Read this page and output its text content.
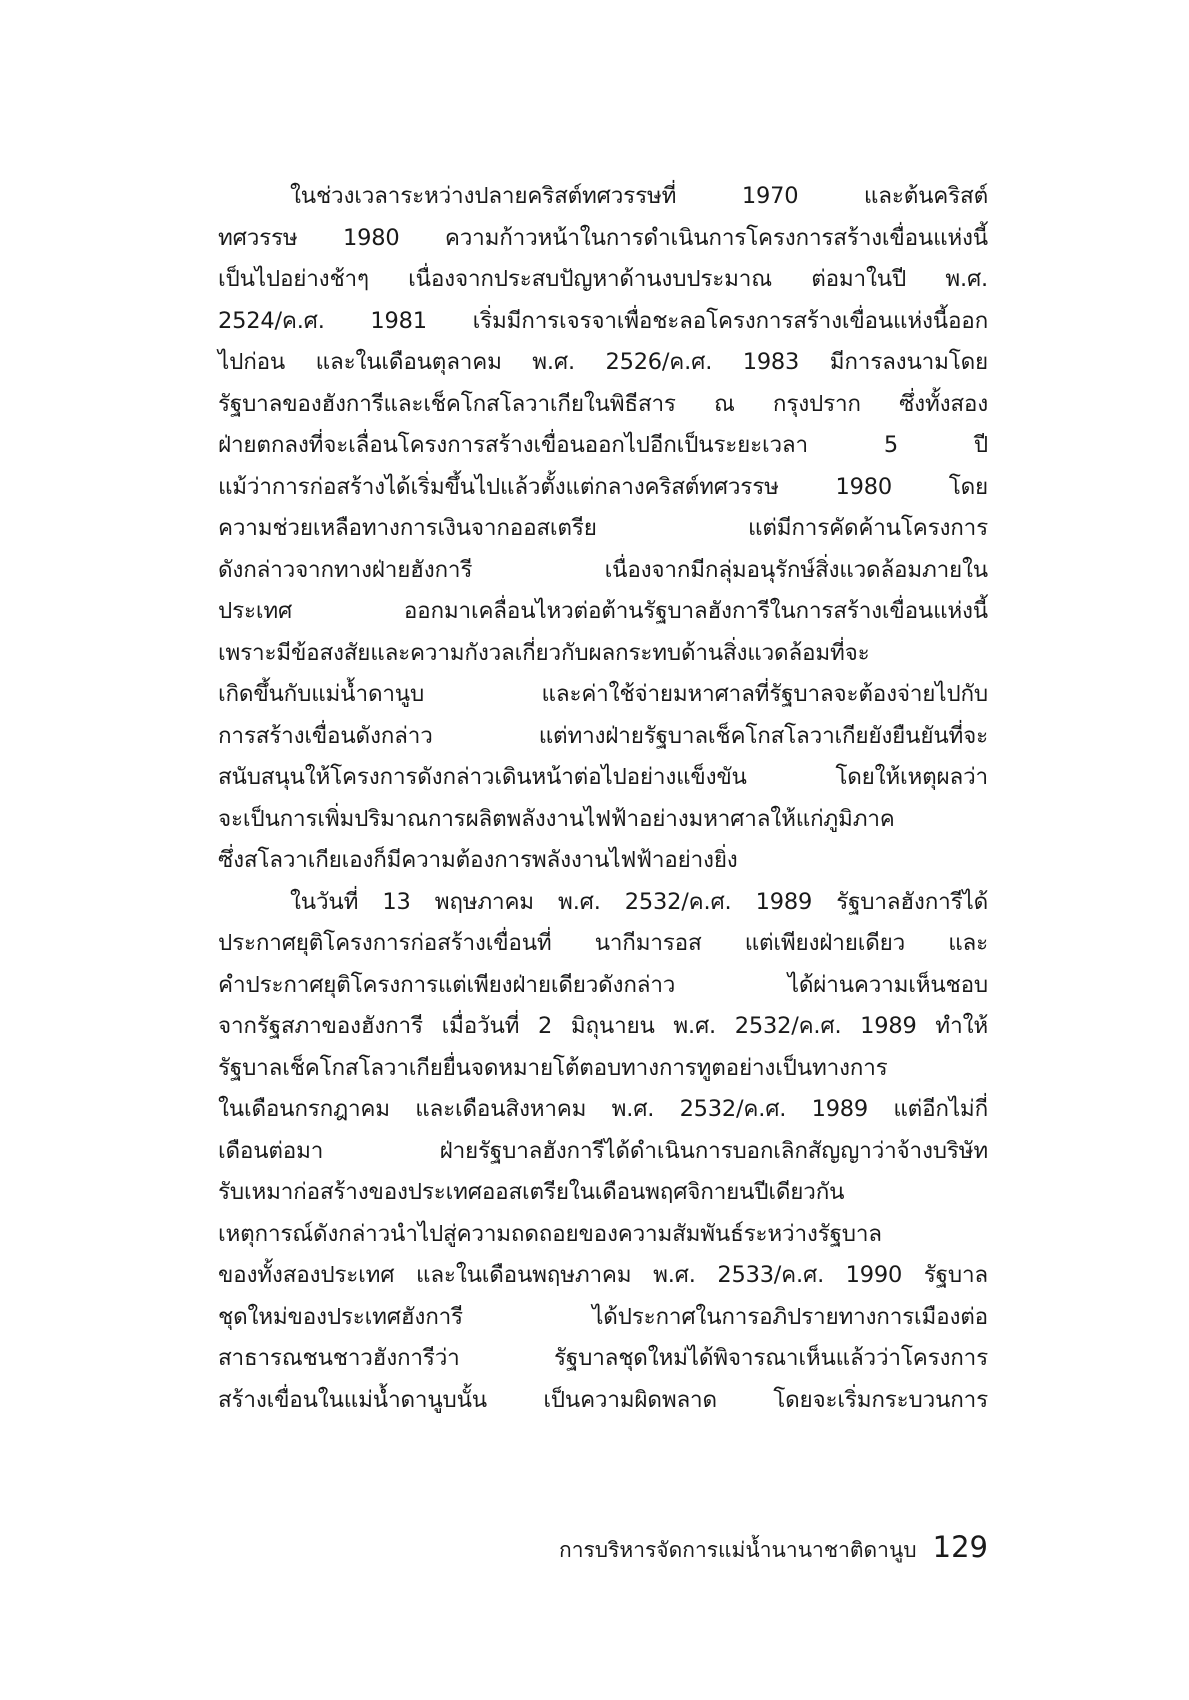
ในช่วงเวลาระหว่างปลายคริสต์ทศวรรษที่ 1970 และต้นคริสต์
ทศวรรษ 1980 ความก้าวหน้าในการดำเนินการโครงการสร้างเขื่อนแห่งนี้
เป็นไปอย่างช้าๆ เนื่องจากประสบปัญหาด้านงบประมาณ ต่อมาในปี พ.ศ.
2524/ค.ศ. 1981 เริ่มมีการเจรจาเพื่อชะลอโครงการสร้างเขื่อนแห่งนี้ออก
ไปก่อน และในเดือนตุลาคม พ.ศ. 2526/ค.ศ. 1983 มีการลงนามโดย
รัฐบาลของฮังการีและเช็คโกสโลวาเกียในพิธีสาร ณ กรุงปราก ซึ่งทั้งสอง
ฝ่ายตกลงที่จะเลื่อนโครงการสร้างเขื่อนออกไปอีกเป็นระยะเวลา 5 ปี
แม้ว่าการก่อสร้างได้เริ่มขึ้นไปแล้วตั้งแต่กลางคริสต์ทศวรรษ 1980 โดย
ความช่วยเหลือทางการเงินจากออสเตรีย แต่มีการคัดค้านโครงการ
ดังกล่าวจากทางฝ่ายฮังการี เนื่องจากมีกลุ่มอนุรักษ์สิ่งแวดล้อมภายใน
ประเทศ ออกมาเคลื่อนไหวต่อต้านรัฐบาลฮังการีในการสร้างเขื่อนแห่งนี้
เพราะมีข้อสงสัยและความกังวลเกี่ยวกับผลกระทบด้านสิ่งแวดล้อมที่จะ
เกิดขึ้นกับแม่น้ำดานูบ และค่าใช้จ่ายมหาศาลที่รัฐบาลจะต้องจ่ายไปกับ
การสร้างเขื่อนดังกล่าว แต่ทางฝ่ายรัฐบาลเช็คโกสโลวาเกียยังยืนยันที่จะ
สนับสนุนให้โครงการดังกล่าวเดินหน้าต่อไปอย่างแข็งขัน โดยให้เหตุผลว่า
จะเป็นการเพิ่มปริมาณการผลิตพลังงานไฟฟ้าอย่างมหาศาลให้แก่ภูมิภาค
ซึ่งสโลวาเกียเองก็มีความต้องการพลังงานไฟฟ้าอย่างยิ่ง
ในวันที่ 13 พฤษภาคม พ.ศ. 2532/ค.ศ. 1989 รัฐบาลฮังการีได้
ประกาศยุติโครงการก่อสร้างเขื่อนที่ นากีมารอส แต่เพียงฝ่ายเดียว และ
คำประกาศยุติโครงการแต่เพียงฝ่ายเดียวดังกล่าว ได้ผ่านความเห็นชอบ
จากรัฐสภาของฮังการี เมื่อวันที่ 2 มิถุนายน พ.ศ. 2532/ค.ศ. 1989 ทำให้
รัฐบาลเช็คโกสโลวาเกียยื่นจดหมายโต้ตอบทางการทูตอย่างเป็นทางการ
ในเดือนกรกฎาคม และเดือนสิงหาคม พ.ศ. 2532/ค.ศ. 1989 แต่อีกไม่กี่
เดือนต่อมา ฝ่ายรัฐบาลฮังการีได้ดำเนินการบอกเลิกสัญญาว่าจ้างบริษัท
รับเหมาก่อสร้างของประเทศออสเตรียในเดือนพฤศจิกายนปีเดียวกัน
เหตุการณ์ดังกล่าวนำไปสู่ความถดถอยของความสัมพันธ์ระหว่างรัฐบาล
ของทั้งสองประเทศ และในเดือนพฤษภาคม พ.ศ. 2533/ค.ศ. 1990 รัฐบาล
ชุดใหม่ของประเทศฮังการี ได้ประกาศในการอภิปรายทางการเมืองต่อ
สาธารณชนชาวฮังการีว่า รัฐบาลชุดใหม่ได้พิจารณาเห็นแล้วว่าโครงการ
สร้างเขื่อนในแม่น้ำดานูบนั้น เป็นความผิดพลาด โดยจะเริ่มกระบวนการ
การบริหารจัดการแม่น้ำนานาชาติดานูบ 129
